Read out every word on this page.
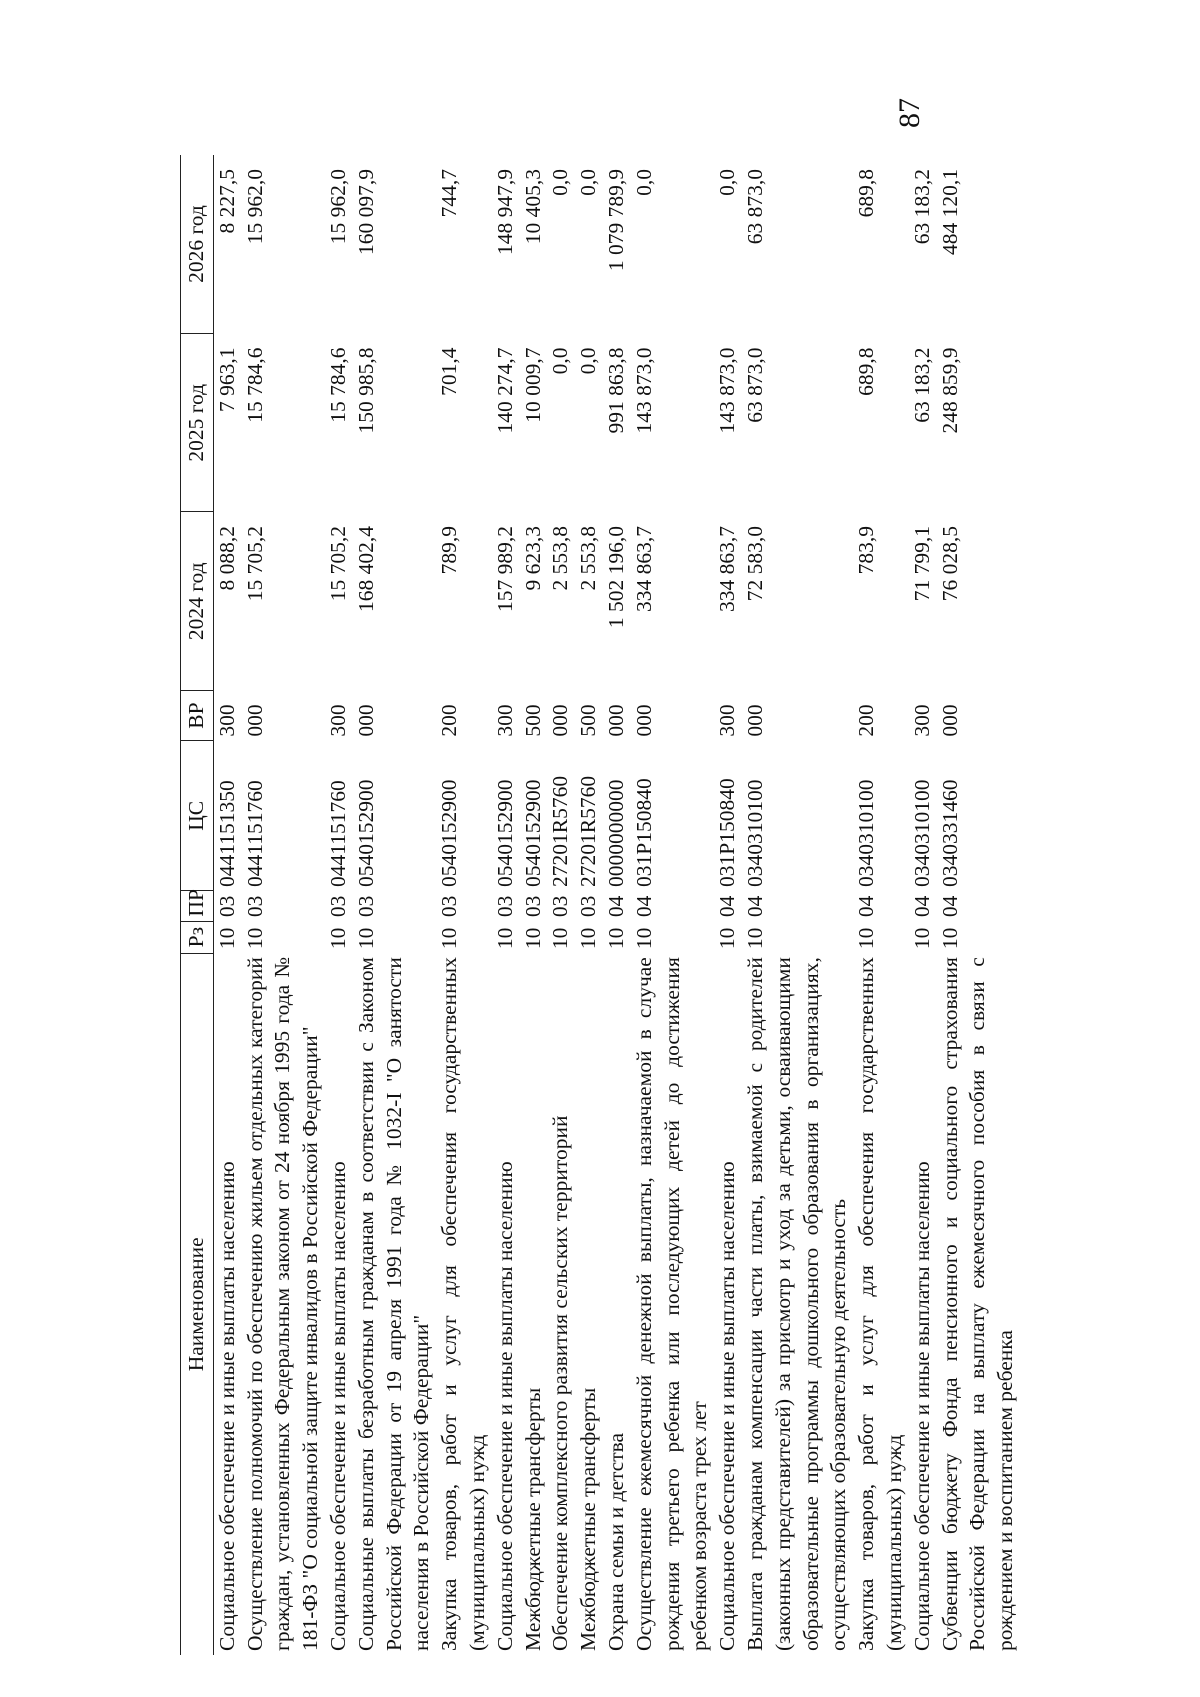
87
Наименование	Рз	ПР	ЦС	ВР	2024 год	2025 год	2026 год
Социальное обеспечение и иные выплаты населению	10	03	0441151350	300	8 088,2	7 963,1	8 227,5
Осуществление полномочий по обеспечению жильем отдельных категорий граждан, установленных Федеральным законом от 24 ноября 1995 года № 181-ФЗ "О социальной защите инвалидов в Российской Федерации"	10	03	0441151760	000	15 705,2	15 784,6	15 962,0
Социальное обеспечение и иные выплаты населению	10	03	0441151760	300	15 705,2	15 784,6	15 962,0
Социальные выплаты безработным гражданам в соответствии с Законом Российской Федерации от 19 апреля 1991 года № 1032-I "О занятости населения в Российской Федерации"	10	03	0540152900	000	168 402,4	150 985,8	160 097,9
Закупка товаров, работ и услуг для обеспечения государственных (муниципальных) нужд	10	03	0540152900	200	789,9	701,4	744,7
Социальное обеспечение и иные выплаты населению	10	03	0540152900	300	157 989,2	140 274,7	148 947,9
Межбюджетные трансферты	10	03	0540152900	500	9 623,3	10 009,7	10 405,3
Обеспечение комплексного развития сельских территорий	10	03	27201R5760	000	2 553,8	0,0	0,0
Межбюджетные трансферты	10	03	27201R5760	500	2 553,8	0,0	0,0
Охрана семьи и детства	10	04	0000000000	000	1 502 196,0	991 863,8	1 079 789,9
Осуществление ежемесячной денежной выплаты, назначаемой в случае рождения третьего ребенка или последующих детей до достижения ребенком возраста трех лет	10	04	031P150840	000	334 863,7	143 873,0	0,0
Социальное обеспечение и иные выплаты населению	10	04	031P150840	300	334 863,7	143 873,0	0,0
Выплата гражданам компенсации части платы, взимаемой с родителей (законных представителей) за присмотр и уход за детьми, осваивающими образовательные программы дошкольного образования в организациях, осуществляющих образовательную деятельность	10	04	0340310100	000	72 583,0	63 873,0	63 873,0
Закупка товаров, работ и услуг для обеспечения государственных (муниципальных) нужд	10	04	0340310100	200	783,9	689,8	689,8
Социальное обеспечение и иные выплаты населению	10	04	0340310100	300	71 799,1	63 183,2	63 183,2
Субвенции бюджету Фонда пенсионного и социального страхования Российской Федерации на выплату ежемесячного пособия в связи с рождением и воспитанием ребенка	10	04	0340331460	000	76 028,5	248 859,9	484 120,1
